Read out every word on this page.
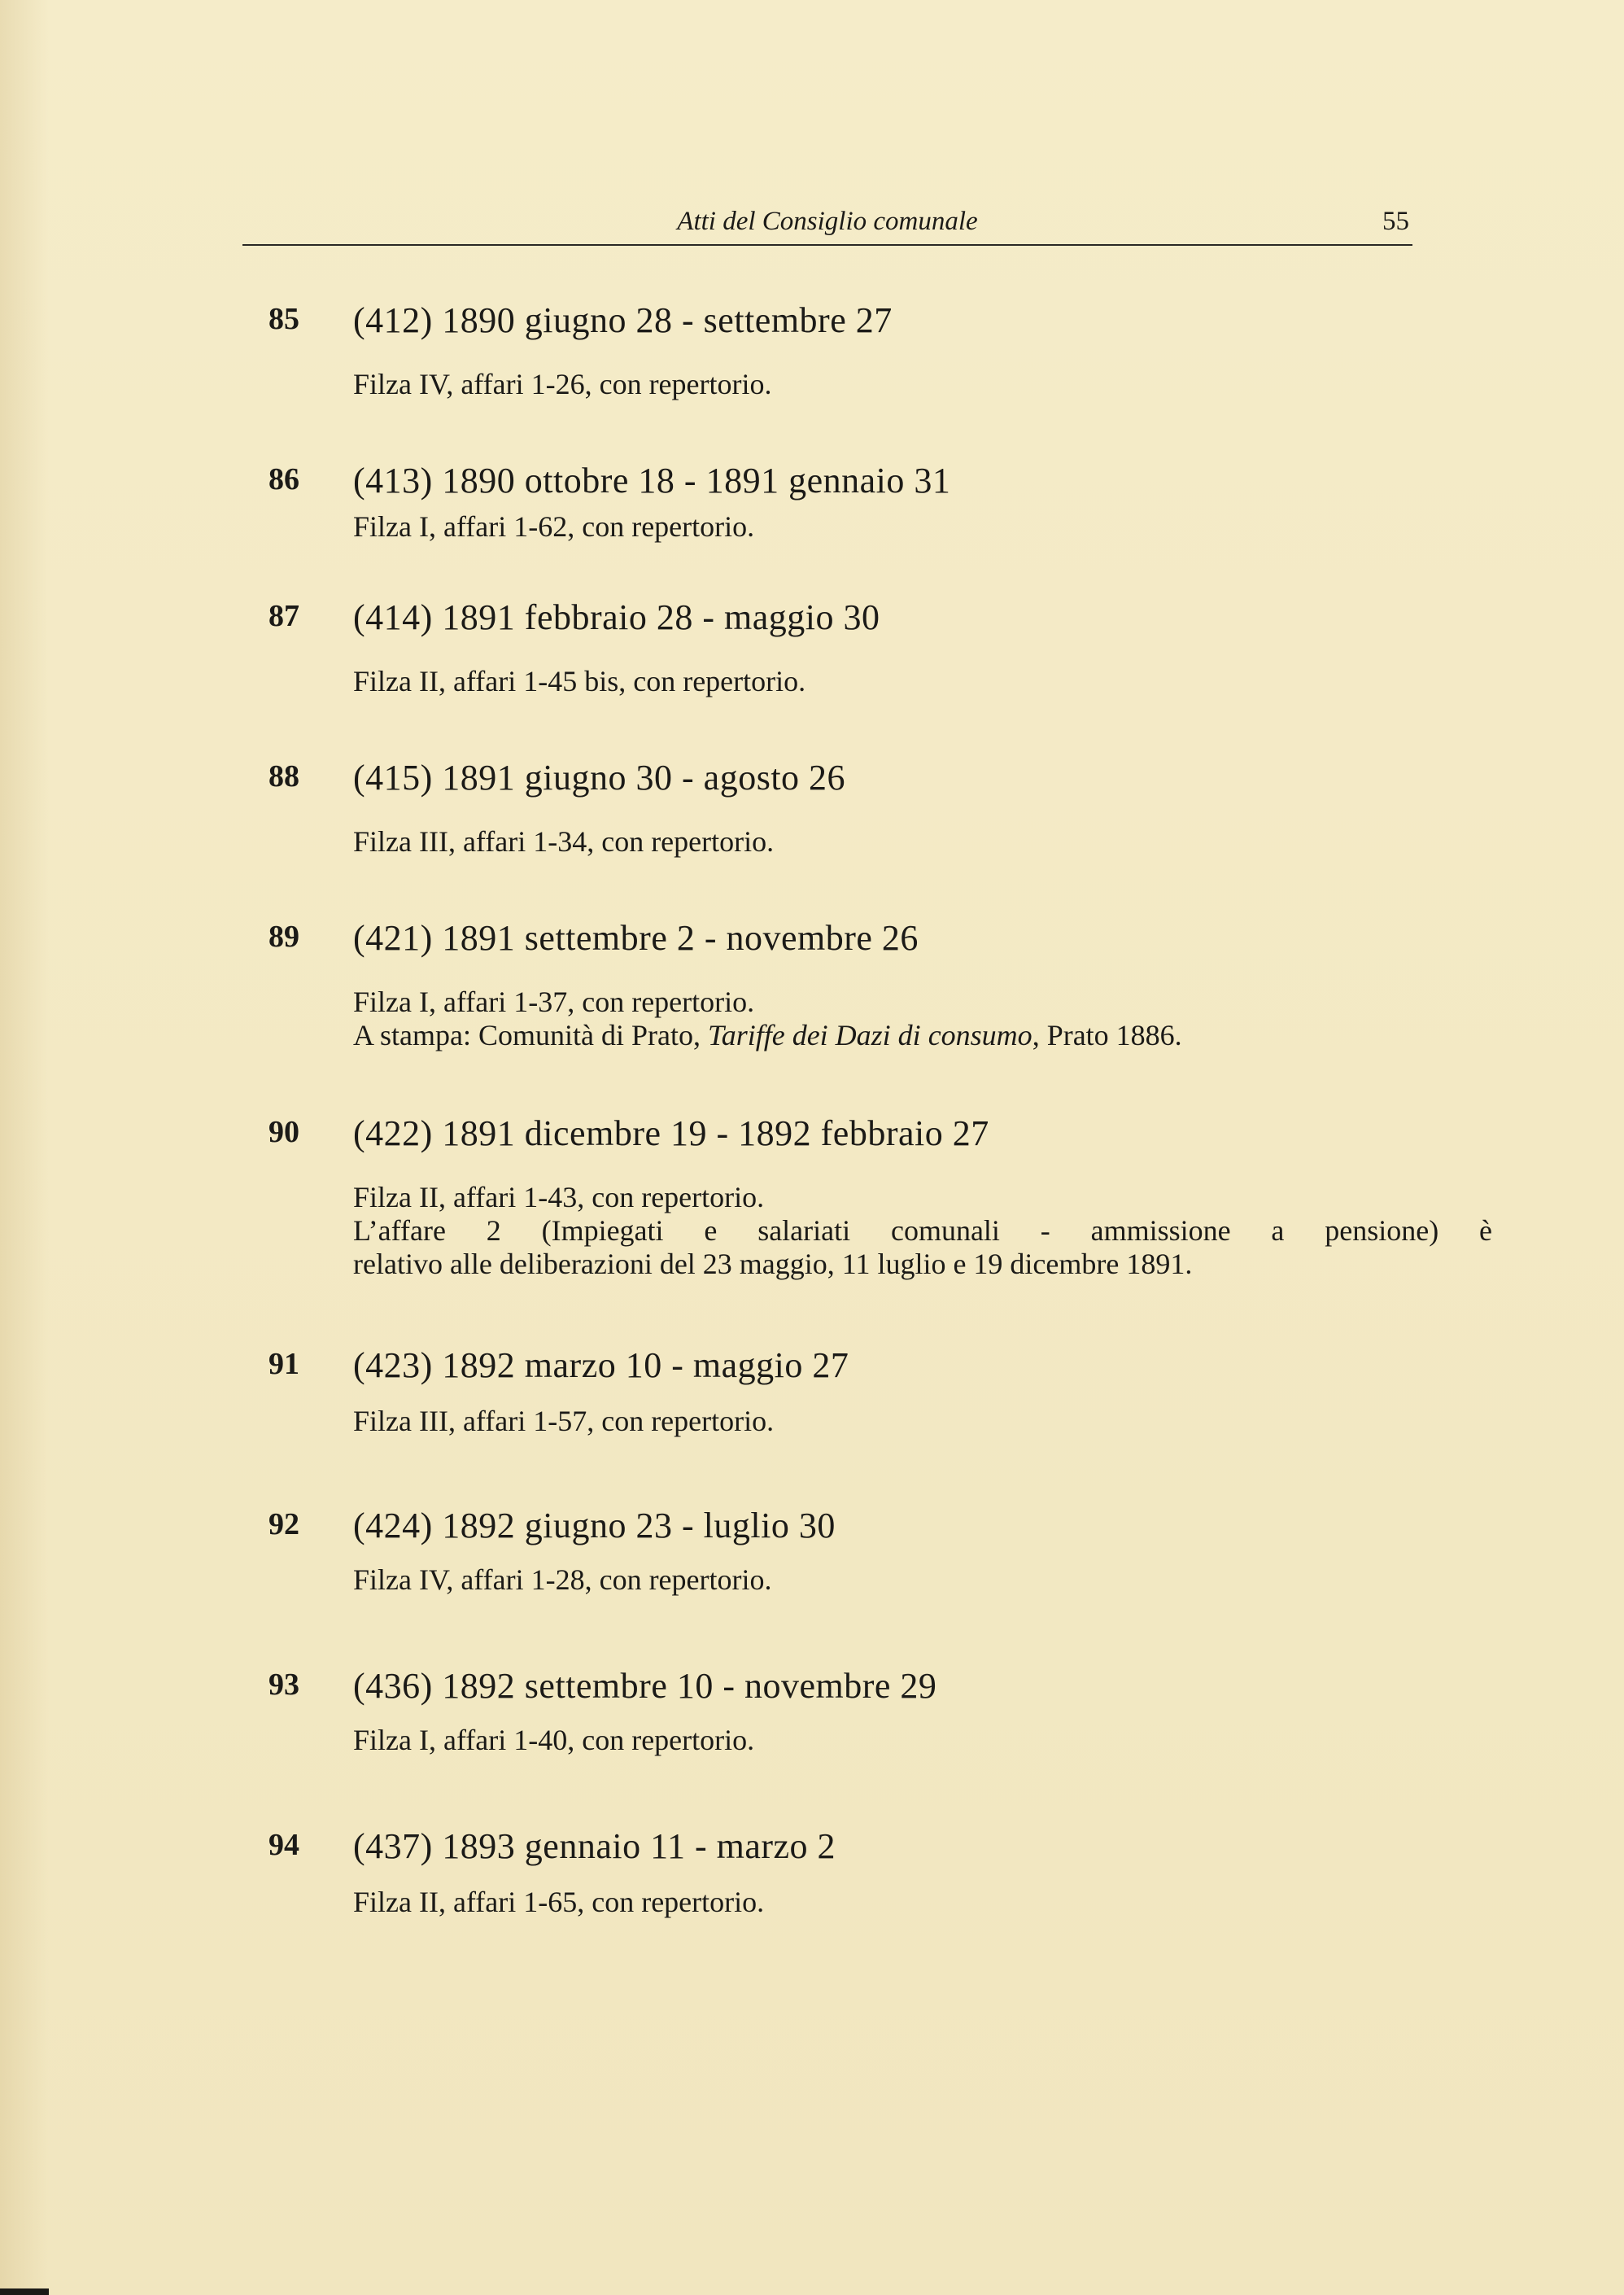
Atti del Consiglio comunale	55
85	(412) 1890 giugno 28 - settembre 27
Filza IV, affari 1-26, con repertorio.
86	(413) 1890 ottobre 18 - 1891 gennaio 31
Filza I, affari 1-62, con repertorio.
87	(414) 1891 febbraio 28 - maggio 30
Filza II, affari 1-45 bis, con repertorio.
88	(415) 1891 giugno 30 - agosto 26
Filza III, affari 1-34, con repertorio.
89	(421) 1891 settembre 2 - novembre 26
Filza I, affari 1-37, con repertorio.
A stampa: Comunità di Prato, Tariffe dei Dazi di consumo, Prato 1886.
90	(422) 1891 dicembre 19 - 1892 febbraio 27
Filza II, affari 1-43, con repertorio.
L’affare 2 (Impiegati e salariati comunali - ammissione a pensione) è
relativo alle deliberazioni del 23 maggio, 11 luglio e 19 dicembre 1891.
91	(423) 1892 marzo 10 - maggio 27
Filza III, affari 1-57, con repertorio.
92	(424) 1892 giugno 23 - luglio 30
Filza IV, affari 1-28, con repertorio.
93	(436) 1892 settembre 10 - novembre 29
Filza I, affari 1-40, con repertorio.
94	(437) 1893 gennaio 11 - marzo 2
Filza II, affari 1-65, con repertorio.
